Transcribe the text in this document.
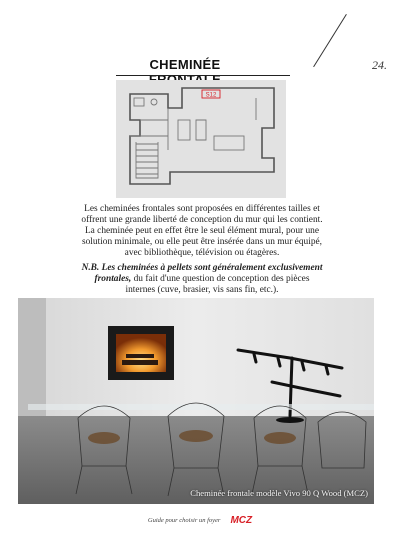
24.
CHEMINÉE
S12
Les cheminées frontales sont proposées en différentes tailles et offrent une grande liberté de conception du mur qui les contient. La cheminée peut en effet être le seul élément mural, pour une solution minimale, ou elle peut être insérée dans un mur équipé, avec bibliothèque, télévision ou étagères.
N.B. Les cheminées à pellets sont généralement exclusivement frontales, du fait d'une question de conception des pièces internes (cuve, brasier, vis sans fin, etc.).
Cheminée frontale modèle Vivo 90 Q Wood (MCZ)
Guide pour choisir un foyer MCZ
